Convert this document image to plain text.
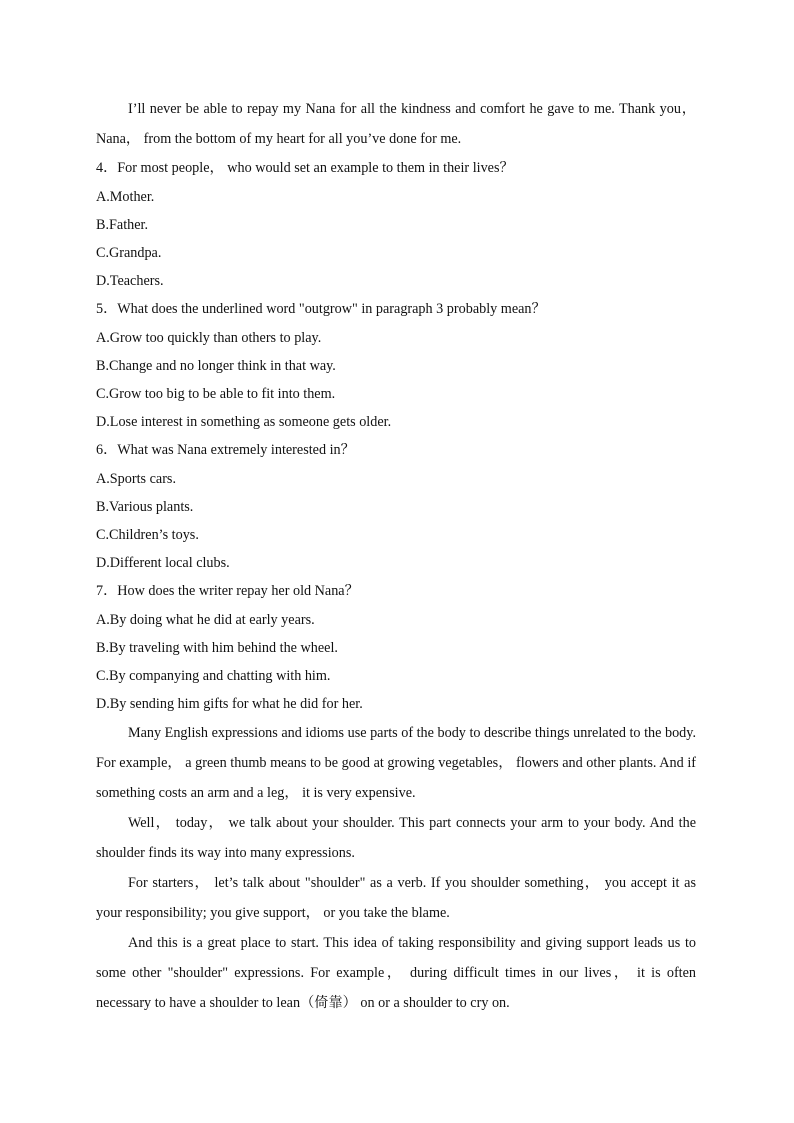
I’ll never be able to repay my Nana for all the kindness and comfort he gave to me. Thank you， Nana， from the bottom of my heart for all you’ve done for me.

4．For most people， who would set an example to them in their lives？
A.Mother.
B.Father.
C.Grandpa.
D.Teachers.
5．What does the underlined word "outgrow" in paragraph 3 probably mean？
A.Grow too quickly than others to play.
B.Change and no longer think in that way.
C.Grow too big to be able to fit into them.
D.Lose interest in something as someone gets older.
6．What was Nana extremely interested in？
A.Sports cars.
B.Various plants.
C.Children’s toys.
D.Different local clubs.
7．How does the writer repay her old Nana？
A.By doing what he did at early years.
B.By traveling with him behind the wheel.
C.By companying and chatting with him.
D.By sending him gifts for what he did for her.

Many English expressions and idioms use parts of the body to describe things unrelated to the body. For example， a green thumb means to be good at growing vegetables， flowers and other plants. And if something costs an arm and a leg， it is very expensive.

Well， today， we talk about your shoulder. This part connects your arm to your body. And the shoulder finds its way into many expressions.

For starters， let’s talk about "shoulder" as a verb. If you shoulder something， you accept it as your responsibility; you give support， or you take the blame.

And this is a great place to start. This idea of taking responsibility and giving support leads us to some other "shoulder" expressions. For example， during difficult times in our lives， it is often necessary to have a shoulder to lean（倚靠） on or a shoulder to cry on.
